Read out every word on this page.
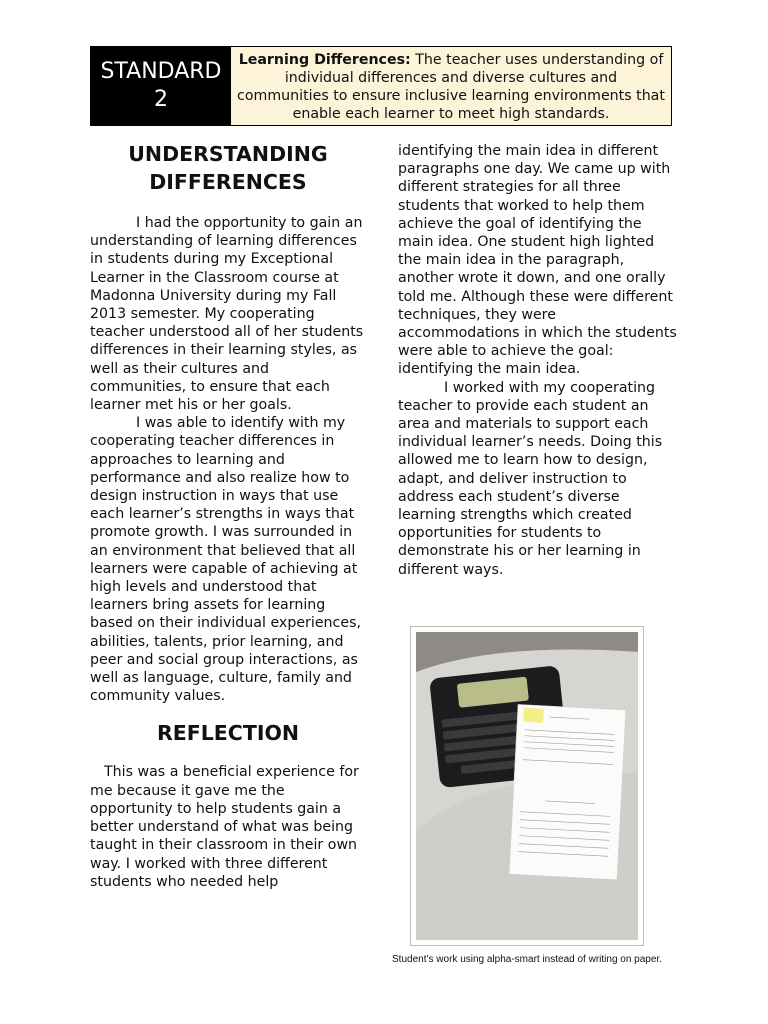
STANDARD
2
Learning Differences: The teacher uses understanding of individual differences and diverse cultures and communities to ensure inclusive learning environments that enable each learner to meet high standards.
UNDERSTANDING
DIFFERENCES

I had the opportunity to gain an understanding of learning differences in students during my Exceptional Learner in the Classroom course at Madonna University during my Fall 2013 semester. My cooperating teacher understood all of her students differences in their learning styles, as well as their cultures and communities, to ensure that each learner met his or her goals.

I was able to identify with my cooperating teacher differences in approaches to learning and performance and also realize how to design instruction in ways that use each learner’s strengths in ways that promote growth. I was surrounded in an environment that believed that all learners were capable of achieving at high levels and understood that learners bring assets for learning based on their individual experiences, abilities, talents, prior learning, and peer and social group interactions, as well as language, culture, family and community values.

REFLECTION

This was a beneficial experience for me because it gave me the opportunity to help students gain a better understand of what was being taught in their classroom in their own way. I worked with three different students who needed help

identifying the main idea in different paragraphs one day. We came up with different strategies for all three students that worked to help them achieve the goal of identifying the main idea. One student high lighted the main idea in the paragraph, another wrote it down, and one orally told me. Although these were different techniques, they were accommodations in which the students were able to achieve the goal: identifying the main idea.

I worked with my cooperating teacher to provide each student an area and materials to support each individual learner’s needs. Doing this allowed me to learn how to design, adapt, and deliver instruction to address each student’s diverse learning strengths which created opportunities for students to demonstrate his or her learning in different ways.

Student’s work using alpha-smart instead of writing on paper.
